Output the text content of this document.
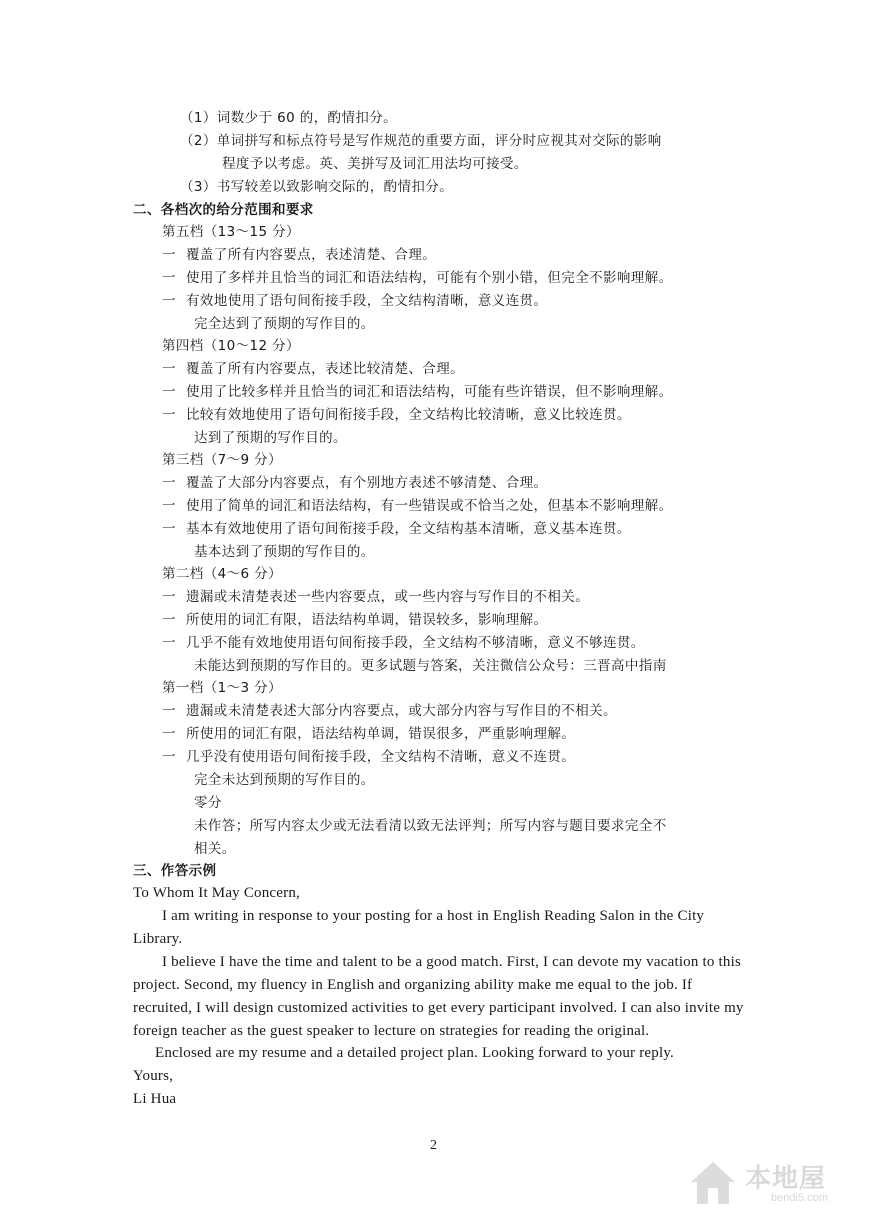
（1）词数少于 60 的，酌情扣分。
（2）单词拼写和标点符号是写作规范的重要方面，评分时应视其对交际的影响
程度予以考虑。英、美拼写及词汇用法均可接受。
（3）书写较差以致影响交际的，酌情扣分。
二、各档次的给分范围和要求
第五档（13～15 分）
一 覆盖了所有内容要点，表述清楚、合理。
一 使用了多样并且恰当的词汇和语法结构，可能有个别小错，但完全不影响理解。
一 有效地使用了语句间衔接手段，全文结构清晰，意义连贯。
完全达到了预期的写作目的。
第四档（10～12 分）
一 覆盖了所有内容要点，表述比较清楚、合理。
一 使用了比较多样并且恰当的词汇和语法结构，可能有些许错误，但不影响理解。
一 比较有效地使用了语句间衔接手段，全文结构比较清晰，意义比较连贯。
达到了预期的写作目的。
第三档（7～9 分）
一 覆盖了大部分内容要点，有个别地方表述不够清楚、合理。
一 使用了简单的词汇和语法结构，有一些错误或不恰当之处，但基本不影响理解。
一 基本有效地使用了语句间衔接手段，全文结构基本清晰，意义基本连贯。
基本达到了预期的写作目的。
第二档（4～6 分）
一 遗漏或未清楚表述一些内容要点，或一些内容与写作目的不相关。
一 所使用的词汇有限，语法结构单调，错误较多，影响理解。
一 几乎不能有效地使用语句间衔接手段，全文结构不够清晰，意义不够连贯。
未能达到预期的写作目的。更多试题与答案，关注微信公众号：三晋高中指南
第一档（1～3 分）
一 遗漏或未清楚表述大部分内容要点，或大部分内容与写作目的不相关。
一 所使用的词汇有限，语法结构单调，错误很多，严重影响理解。
一 几乎没有使用语句间衔接手段，全文结构不清晰，意义不连贯。
完全未达到预期的写作目的。
零分
未作答；所写内容太少或无法看清以致无法评判；所写内容与题目要求完全不
相关。
三、作答示例
To Whom It May Concern,
I am writing in response to your posting for a host in English Reading Salon in the City
Library.
I believe I have the time and talent to be a good match. First, I can devote my vacation to this
project. Second, my fluency in English and organizing ability make me equal to the job. If
recruited, I will design customized activities to get every participant involved. I can also invite my
foreign teacher as the guest speaker to lecture on strategies for reading the original.
Enclosed are my resume and a detailed project plan. Looking forward to your reply.
Yours,
Li Hua
2
本地屋
bendi5.com
